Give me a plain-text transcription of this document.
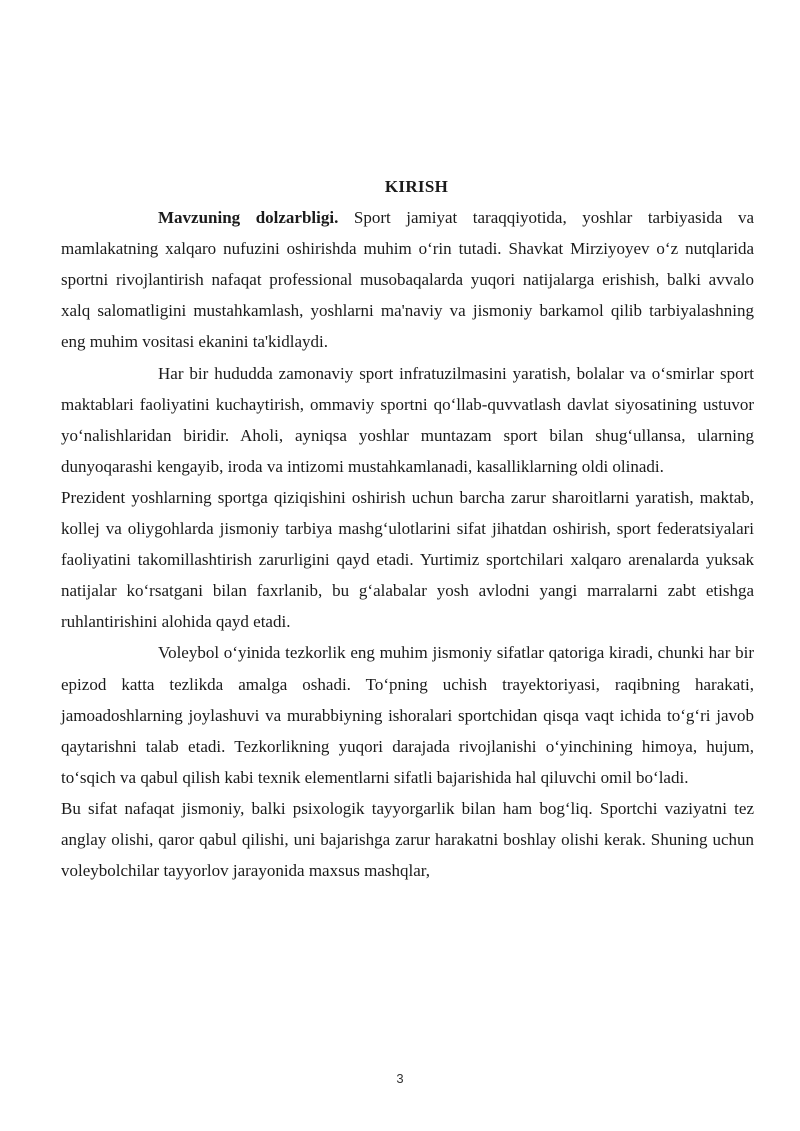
KIRISH

Mavzuning dolzarbligi. Sport jamiyat taraqqiyotida, yoshlar tarbiyasida va mamlakatning xalqaro nufuzini oshirishda muhim o‘rin tutadi. Shavkat Mirziyoyev o‘z nutqlarida sportni rivojlantirish nafaqat professional musobaqalarda yuqori natijalarga erishish, balki avvalo xalq salomatligini mustahkamlash, yoshlarni ma'naviy va jismoniy barkamol qilib tarbiyalashning eng muhim vositasi ekanini ta'kidlaydi.

Har bir hududda zamonaviy sport infratuzilmasini yaratish, bolalar va o‘smirlar sport maktablari faoliyatini kuchaytirish, ommaviy sportni qo‘llab-quvvatlash davlat siyosatining ustuvor yo‘nalishlaridan biridir. Aholi, ayniqsa yoshlar muntazam sport bilan shug‘ullansa, ularning dunyoqarashi kengayib, iroda va intizomi mustahkamlanadi, kasalliklarning oldi olinadi.

Prezident yoshlarning sportga qiziqishini oshirish uchun barcha zarur sharoitlarni yaratish, maktab, kollej va oliygohlarda jismoniy tarbiya mashg‘ulotlarini sifat jihatdan oshirish, sport federatsiyalari faoliyatini takomillashtirish zarurligini qayd etadi. Yurtimiz sportchilari xalqaro arenalarda yuksak natijalar ko‘rsatgani bilan faxrlanib, bu g‘alabalar yosh avlodni yangi marralarni zabt etishga ruhlantirishini alohida qayd etadi.

Voleybol o‘yinida tezkorlik eng muhim jismoniy sifatlar qatoriga kiradi, chunki har bir epizod katta tezlikda amalga oshadi. To‘pning uchish trayektoriyasi, raqibning harakati, jamoadoshlarning joylashuvi va murabbiyning ishoralari sportchidan qisqa vaqt ichida to‘g‘ri javob qaytarishni talab etadi. Tezkorlikning yuqori darajada rivojlanishi o‘yinchining himoya, hujum, to‘sqich va qabul qilish kabi texnik elementlarni sifatli bajarishida hal qiluvchi omil bo‘ladi.

Bu sifat nafaqat jismoniy, balki psixologik tayyorgarlik bilan ham bog‘liq. Sportchi vaziyatni tez anglay olishi, qaror qabul qilishi, uni bajarishga zarur harakatni boshlay olishi kerak. Shuning uchun voleybolchilar tayyorlov jarayonida maxsus mashqlar,

3
